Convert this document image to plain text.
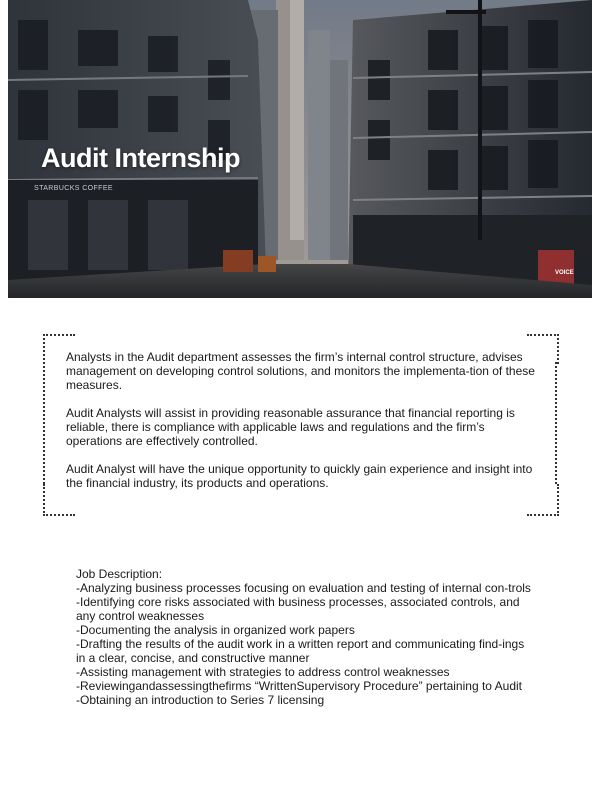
Audit Internship
STARBUCKS COFFEE
VOICE

Analysts in the Audit department assesses the firm’s internal control structure, advises management on developing control solutions, and monitors the implementa-tion of these measures.

Audit Analysts will assist in providing reasonable assurance that financial reporting is reliable, there is compliance with applicable laws and regulations and the firm’s operations are effectively controlled.

Audit Analyst will have the unique opportunity to quickly gain experience and insight into the financial industry, its products and operations.

Job Description:
-Analyzing business processes focusing on evaluation and testing of internal con-trols
-Identifying core risks associated with business processes, associated controls, and any control weaknesses
-Documenting the analysis in organized work papers
-Drafting the results of the audit work in a written report and communicating find-ings in a clear, concise, and constructive manner
-Assisting management with strategies to address control weaknesses
-Reviewingandassessingthefirms “WrittenSupervisory Procedure” pertaining to Audit
-Obtaining an introduction to Series 7 licensing
